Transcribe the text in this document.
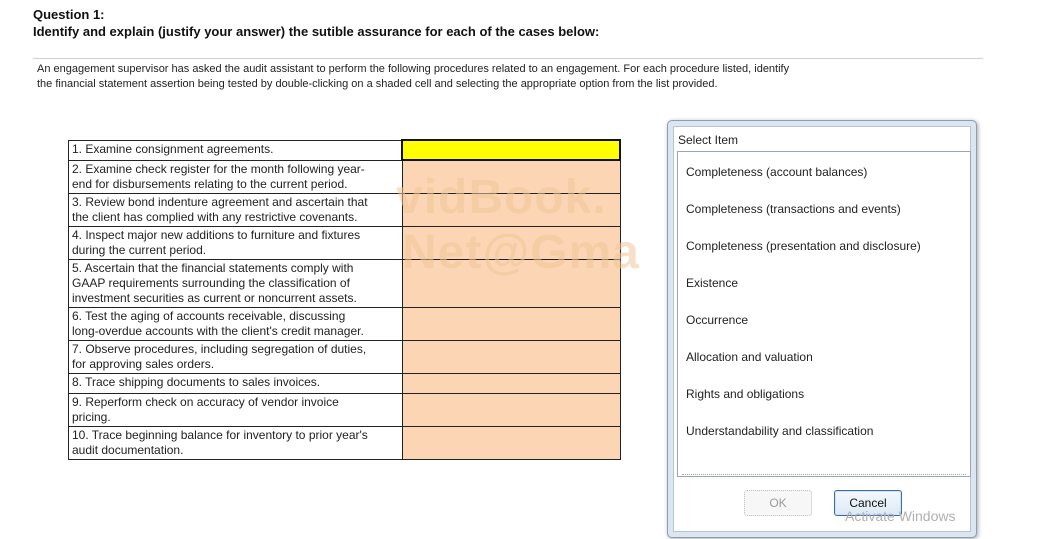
Question 1:
Identify and explain (justify your answer) the sutible assurance for each of the cases below:
An engagement supervisor has asked the audit assistant to perform the following procedures related to an engagement. For each procedure listed, identify
the financial statement assertion being tested by double-clicking on a shaded cell and selecting the appropriate option from the list provided.
1. Examine consignment agreements.	

2. Examine check register for the month following year-
end for disbursements relating to the current period.	

3. Review bond indenture agreement and ascertain that
the client has complied with any restrictive covenants.	

4. Inspect major new additions to furniture and fixtures
during the current period.	

5. Ascertain that the financial statements comply with
GAAP requirements surrounding the classification of
investment securities as current or noncurrent assets.	

6. Test the aging of accounts receivable, discussing
long-overdue accounts with the client's credit manager.	

7. Observe procedures, including segregation of duties,
for approving sales orders.	

8. Trace shipping documents to sales invoices.	

9. Reperform check on accuracy of vendor invoice
pricing.	

10. Trace beginning balance for inventory to prior year's
audit documentation.	

vidBook.
Net@Gma
Select Item
Completeness (account balances)
Completeness (transactions and events)
Completeness (presentation and disclosure)
Existence
Occurrence
Allocation and valuation
Rights and obligations
Understandability and classification
OK	Cancel
Activate Windows
